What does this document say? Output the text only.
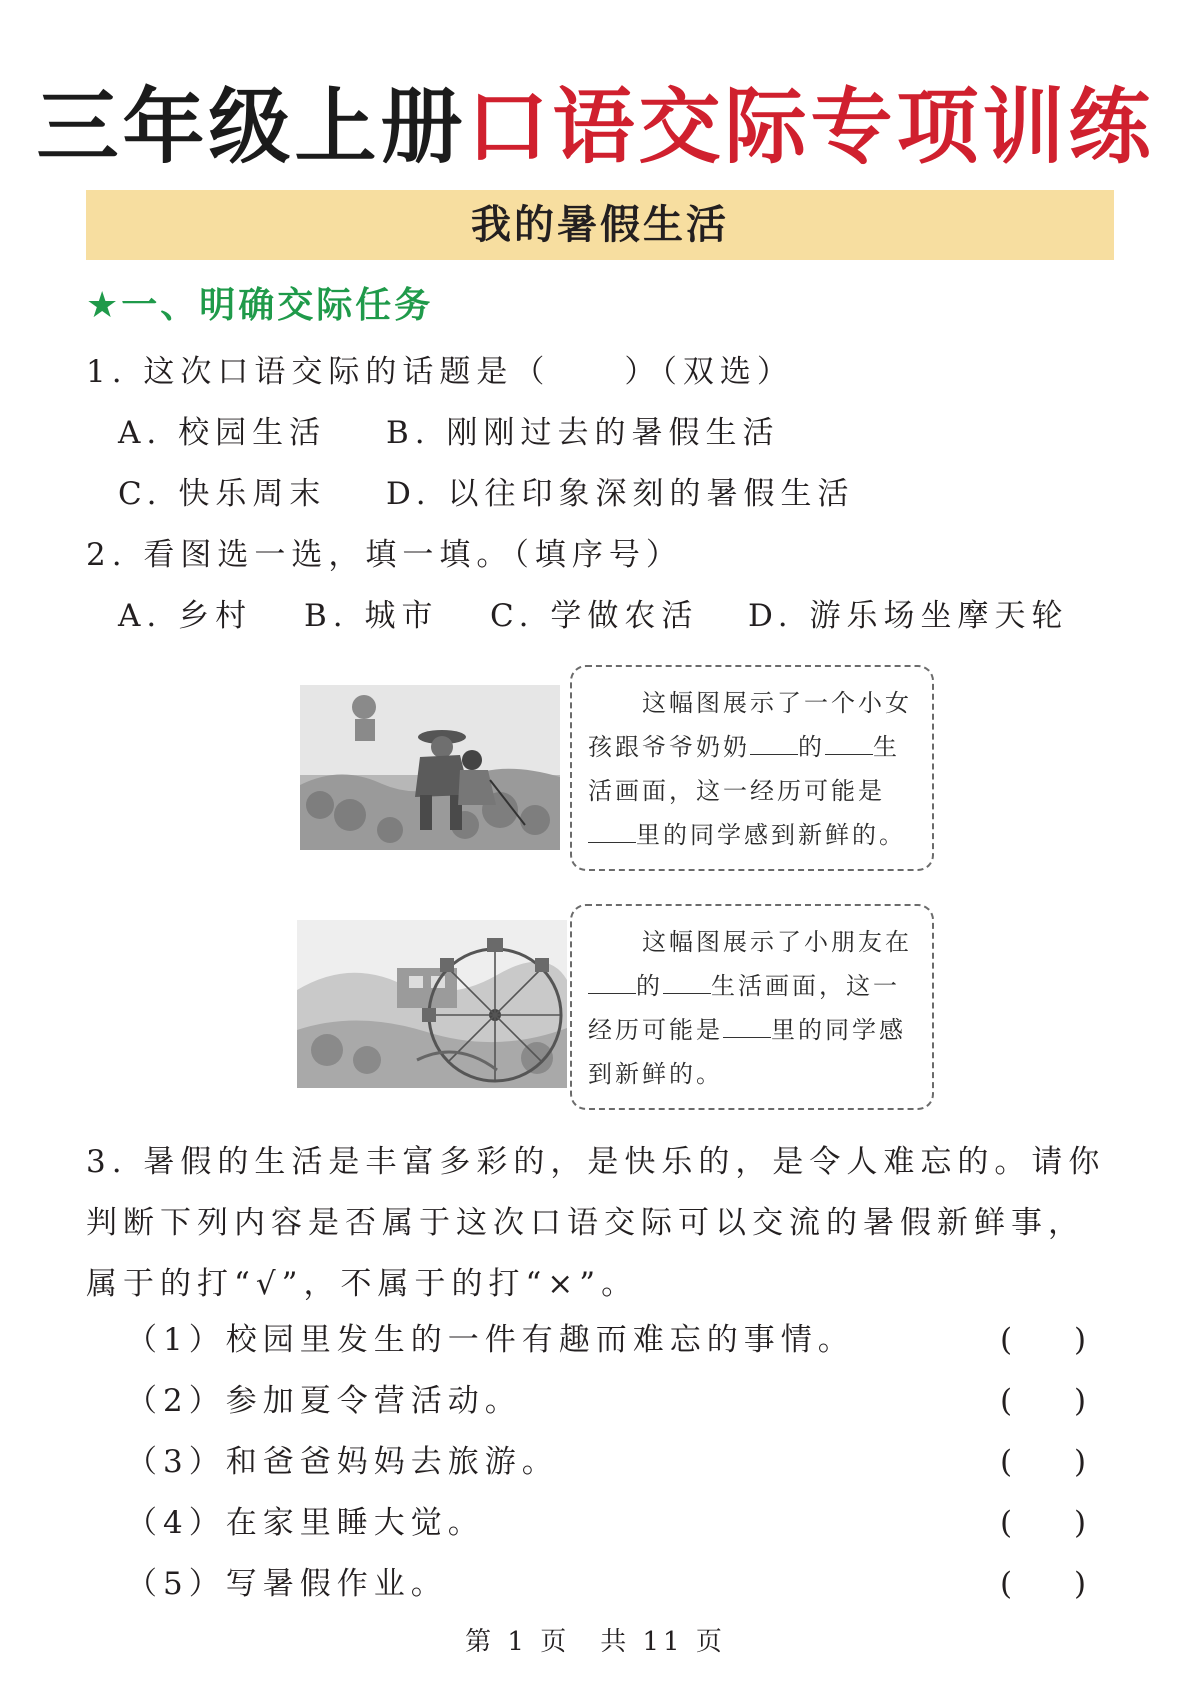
三年级上册口语交际专项训练
我的暑假生活
★一、明确交际任务
1. 这次口语交际的话题是（　　）（双选）
A. 校园生活 B. 刚刚过去的暑假生活
C. 快乐周末 D. 以往印象深刻的暑假生活
2. 看图选一选，填一填。（填序号）
A. 乡村 B. 城市 C. 学做农活 D. 游乐场坐摩天轮

这幅图展示了一个小女孩跟爷爷奶奶 的 生活画面，这一经历可能是里的同学感到新鲜的。

这幅图展示了小朋友在的 生活画面，这一经历可能是 里的同学感到新鲜的。

3. 暑假的生活是丰富多彩的，是快乐的，是令人难忘的。请你判断下列内容是否属于这次口语交际可以交流的暑假新鲜事，属于的打“√”，不属于的打“×”。
（1）校园里发生的一件有趣而难忘的事情。	( )
（2）参加夏令营活动。	( )
（3）和爸爸妈妈去旅游。	( )
（4）在家里睡大觉。	( )
（5）写暑假作业。	( )
第 1 页　共 11 页
